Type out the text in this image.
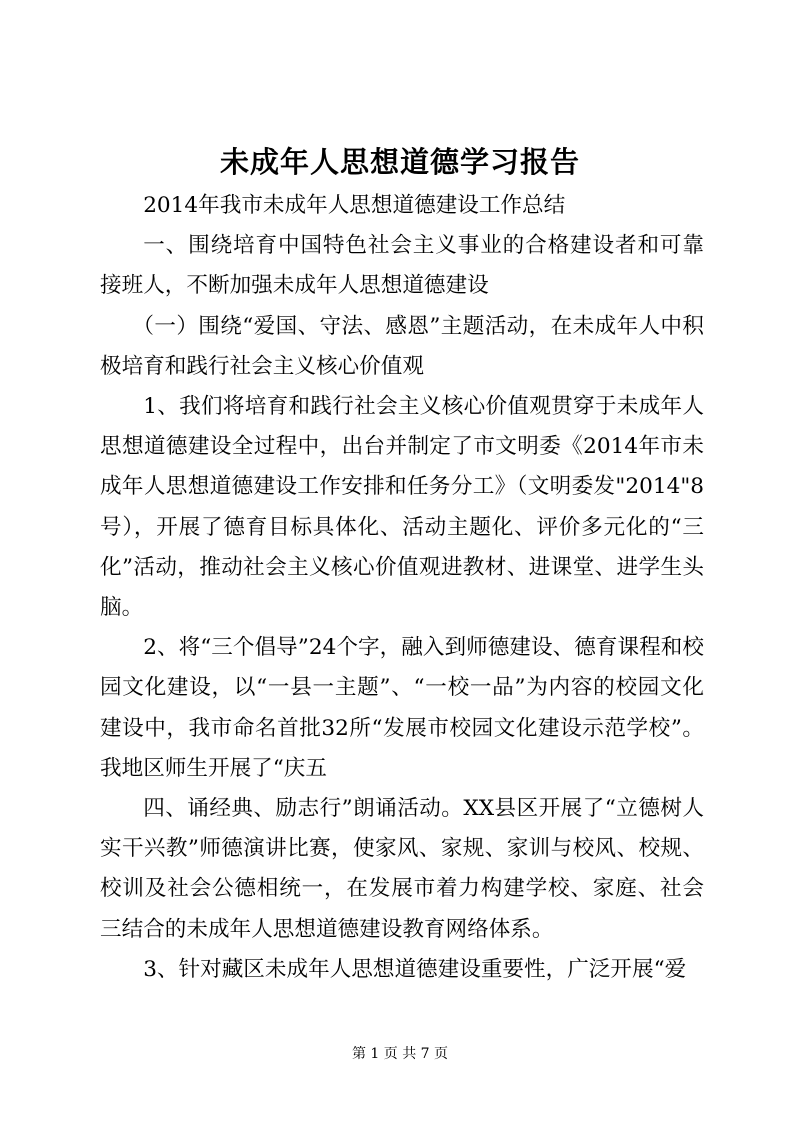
未成年人思想道德学习报告

2014年我市未成年人思想道德建设工作总结

一、围绕培育中国特色社会主义事业的合格建设者和可靠接班人，不断加强未成年人思想道德建设

（一）围绕“爱国、守法、感恩”主题活动，在未成年人中积极培育和践行社会主义核心价值观

1、我们将培育和践行社会主义核心价值观贯穿于未成年人思想道德建设全过程中，出台并制定了市文明委《2014年市未成年人思想道德建设工作安排和任务分工》（文明委发"2014"8号），开展了德育目标具体化、活动主题化、评价多元化的“三化”活动，推动社会主义核心价值观进教材、进课堂、进学生头脑。

2、将“三个倡导”24个字，融入到师德建设、德育课程和校园文化建设，以“一县一主题”、“一校一品”为内容的校园文化建设中，我市命名首批32所“发展市校园文化建设示范学校”。我地区师生开展了“庆五

四、诵经典、励志行”朗诵活动。XX县区开展了“立德树人实干兴教”师德演讲比赛，使家风、家规、家训与校风、校规、校训及社会公德相统一，在发展市着力构建学校、家庭、社会三结合的未成年人思想道德建设教育网络体系。

3、针对藏区未成年人思想道德建设重要性，广泛开展“爱

第 1 页 共 7 页
